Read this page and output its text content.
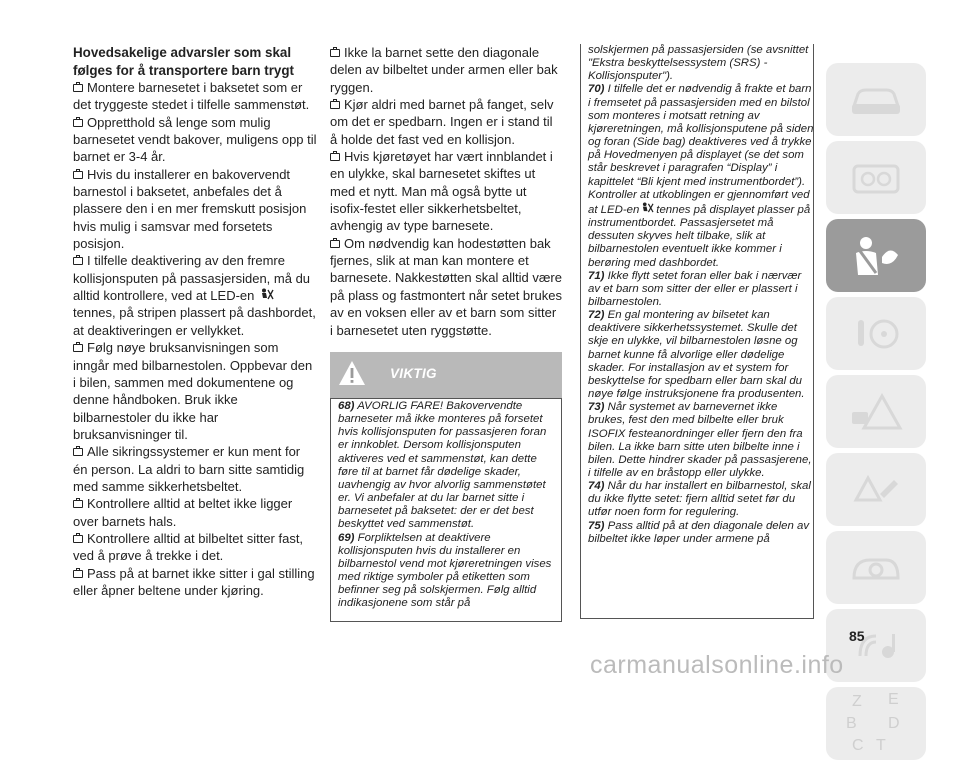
Hovedsakelige advarsler som skal følges for å transportere barn trygt

Montere barnesetet i baksetet som er det tryggeste stedet i tilfelle sammenstøt.

Oppretthold så lenge som mulig barnesetet vendt bakover, muligens opp til barnet er 3-4 år.

Hvis du installerer en bakovervendt barnestol i baksetet, anbefales det å plassere den i en mer fremskutt posisjon hvis mulig i samsvar med forsetets posisjon.

I tilfelle deaktivering av den fremre kollisjonsputen på passasjersiden, må du alltid kontrollere, ved at LED-en tennes, på stripen plassert på dashbordet, at deaktiveringen er vellykket.

Følg nøye bruksanvisningen som inngår med bilbarnestolen. Oppbevar den i bilen, sammen med dokumentene og denne håndboken. Bruk ikke bilbarnestoler du ikke har bruksanvisninger til.

Alle sikringssystemer er kun ment for én person. La aldri to barn sitte samtidig med samme sikkerhetsbeltet.

Kontrollere alltid at beltet ikke ligger over barnets hals.

Kontrollere alltid at bilbeltet sitter fast, ved å prøve å trekke i det.

Pass på at barnet ikke sitter i gal stilling eller åpner beltene under kjøring.

Ikke la barnet sette den diagonale delen av bilbeltet under armen eller bak ryggen.

Kjør aldri med barnet på fanget, selv om det er spedbarn. Ingen er i stand til å holde det fast ved en kollisjon.

Hvis kjøretøyet har vært innblandet i en ulykke, skal barnesetet skiftes ut med et nytt. Man må også bytte ut isofix-festet eller sikkerhetsbeltet, avhengig av type barnesete.

Om nødvendig kan hodestøtten bak fjernes, slik at man kan montere et barnesete. Nakkestøtten skal alltid være på plass og fastmontert når setet brukes av en voksen eller av et barn som sitter i barnesetet uten ryggstøtte.

VIKTIG

68) AVORLIG FARE! Bakovervendte barneseter må ikke monteres på forsetet hvis kollisjonsputen for passasjeren foran er innkoblet. Dersom kollisjonsputen aktiveres ved et sammenstøt, kan dette føre til at barnet får dødelige skader, uavhengig av hvor alvorlig sammenstøtet er. Vi anbefaler at du lar barnet sitte i barnesetet på baksetet: der er det best beskyttet ved sammenstøt.

69) Forpliktelsen at deaktivere kollisjonsputen hvis du installerer en bilbarnestol vend mot kjøreretningen vises med riktige symboler på etiketten som befinner seg på solskjermen. Følg alltid indikasjonene som står på

solskjermen på passasjersiden (se avsnittet "Ekstra beskyttelsessystem (SRS) - Kollisjonsputer").

70) I tilfelle det er nødvendig å frakte et barn i fremsetet på passasjersiden med en bilstol som monteres i motsatt retning av kjøreretningen, må kollisjonsputene på siden og foran (Side bag) deaktiveres ved å trykke på Hovedmenyen på displayet (se det som står beskrevet i paragrafen “Display” i kapittelet “Bli kjent med instrumentbordet”). Kontroller at utkoblingen er gjennomført ved at LED-en tennes på displayet plasser på instrumentbordet. Passasjersetet må dessuten skyves helt tilbake, slik at bilbarnestolen eventuelt ikke kommer i berøring med dashbordet.

71) Ikke flytt setet foran eller bak i nærvær av et barn som sitter der eller er plassert i bilbarnestolen.

72) En gal montering av bilsetet kan deaktivere sikkerhetssystemet. Skulle det skje en ulykke, vil bilbarnestolen løsne og barnet kunne få alvorlige eller dødelige skader. For installasjon av et system for beskyttelse for spedbarn eller barn skal du nøye følge instruksjonene fra produsenten.

73) Når systemet av barnevernet ikke brukes, fest den med bilbelte eller bruk ISOFIX festeanordninger eller fjern den fra bilen. La ikke barn sitte uten bilbelte inne i bilen. Dette hindrer skader på passasjerene, i tilfelle av en bråstopp eller ulykke.

74) Når du har installert en bilbarnestol, skal du ikke flytte setet: fjern alltid setet før du utfør noen form for regulering.

75) Pass alltid på at den diagonale delen av bilbeltet ikke løper under armene på

Z E
B D
C T
85
carmanualsonline.info
